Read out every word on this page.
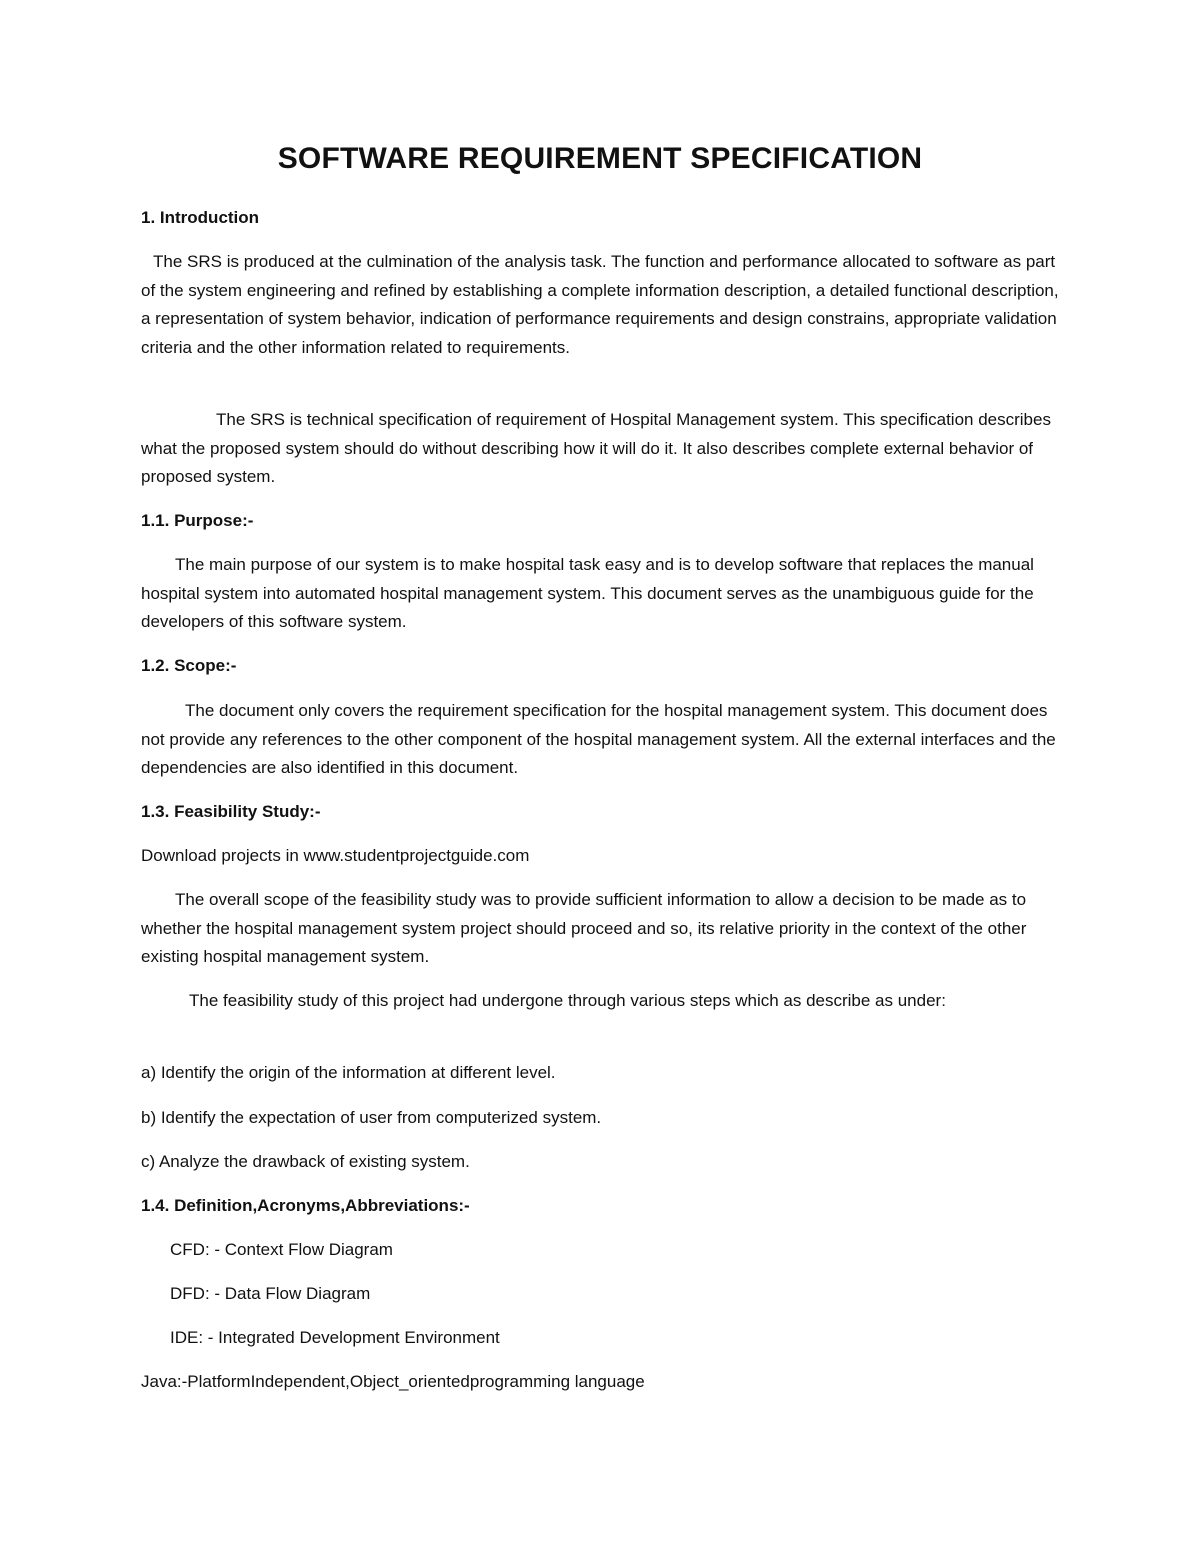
SOFTWARE REQUIREMENT SPECIFICATION

1. Introduction

The SRS is produced at the culmination of the analysis task. The function and performance allocated to software as part of the system engineering and refined by establishing a complete information description, a detailed functional description, a representation of system behavior, indication of performance requirements and design constrains, appropriate validation criteria and the other information related to requirements.

The SRS is technical specification of requirement of Hospital Management system. This specification describes what the proposed system should do without describing how it will do it. It also describes complete external behavior of proposed system.

1.1. Purpose:-

The main purpose of our system is to make hospital task easy and is to develop software that replaces the manual hospital system into automated hospital management system. This document serves as the unambiguous guide for the developers of this software system.

1.2. Scope:-

The document only covers the requirement specification for the hospital management system. This document does not provide any references to the other component of the hospital management system. All the external interfaces and the dependencies are also identified in this document.

1.3. Feasibility Study:-

Download projects in www.studentprojectguide.com

The overall scope of the feasibility study was to provide sufficient information to allow a decision to be made as to whether the hospital management system project should proceed and so, its relative priority in the context of the other existing hospital management system.

The feasibility study of this project had undergone through various steps which as describe as under:

a) Identify the origin of the information at different level.

b) Identify the expectation of user from computerized system.

c) Analyze the drawback of existing system.

1.4. Definition,Acronyms,Abbreviations:-

CFD: - Context Flow Diagram

DFD: - Data Flow Diagram

IDE: - Integrated Development Environment

Java:-PlatformIndependent,Object_orientedprogramming language
